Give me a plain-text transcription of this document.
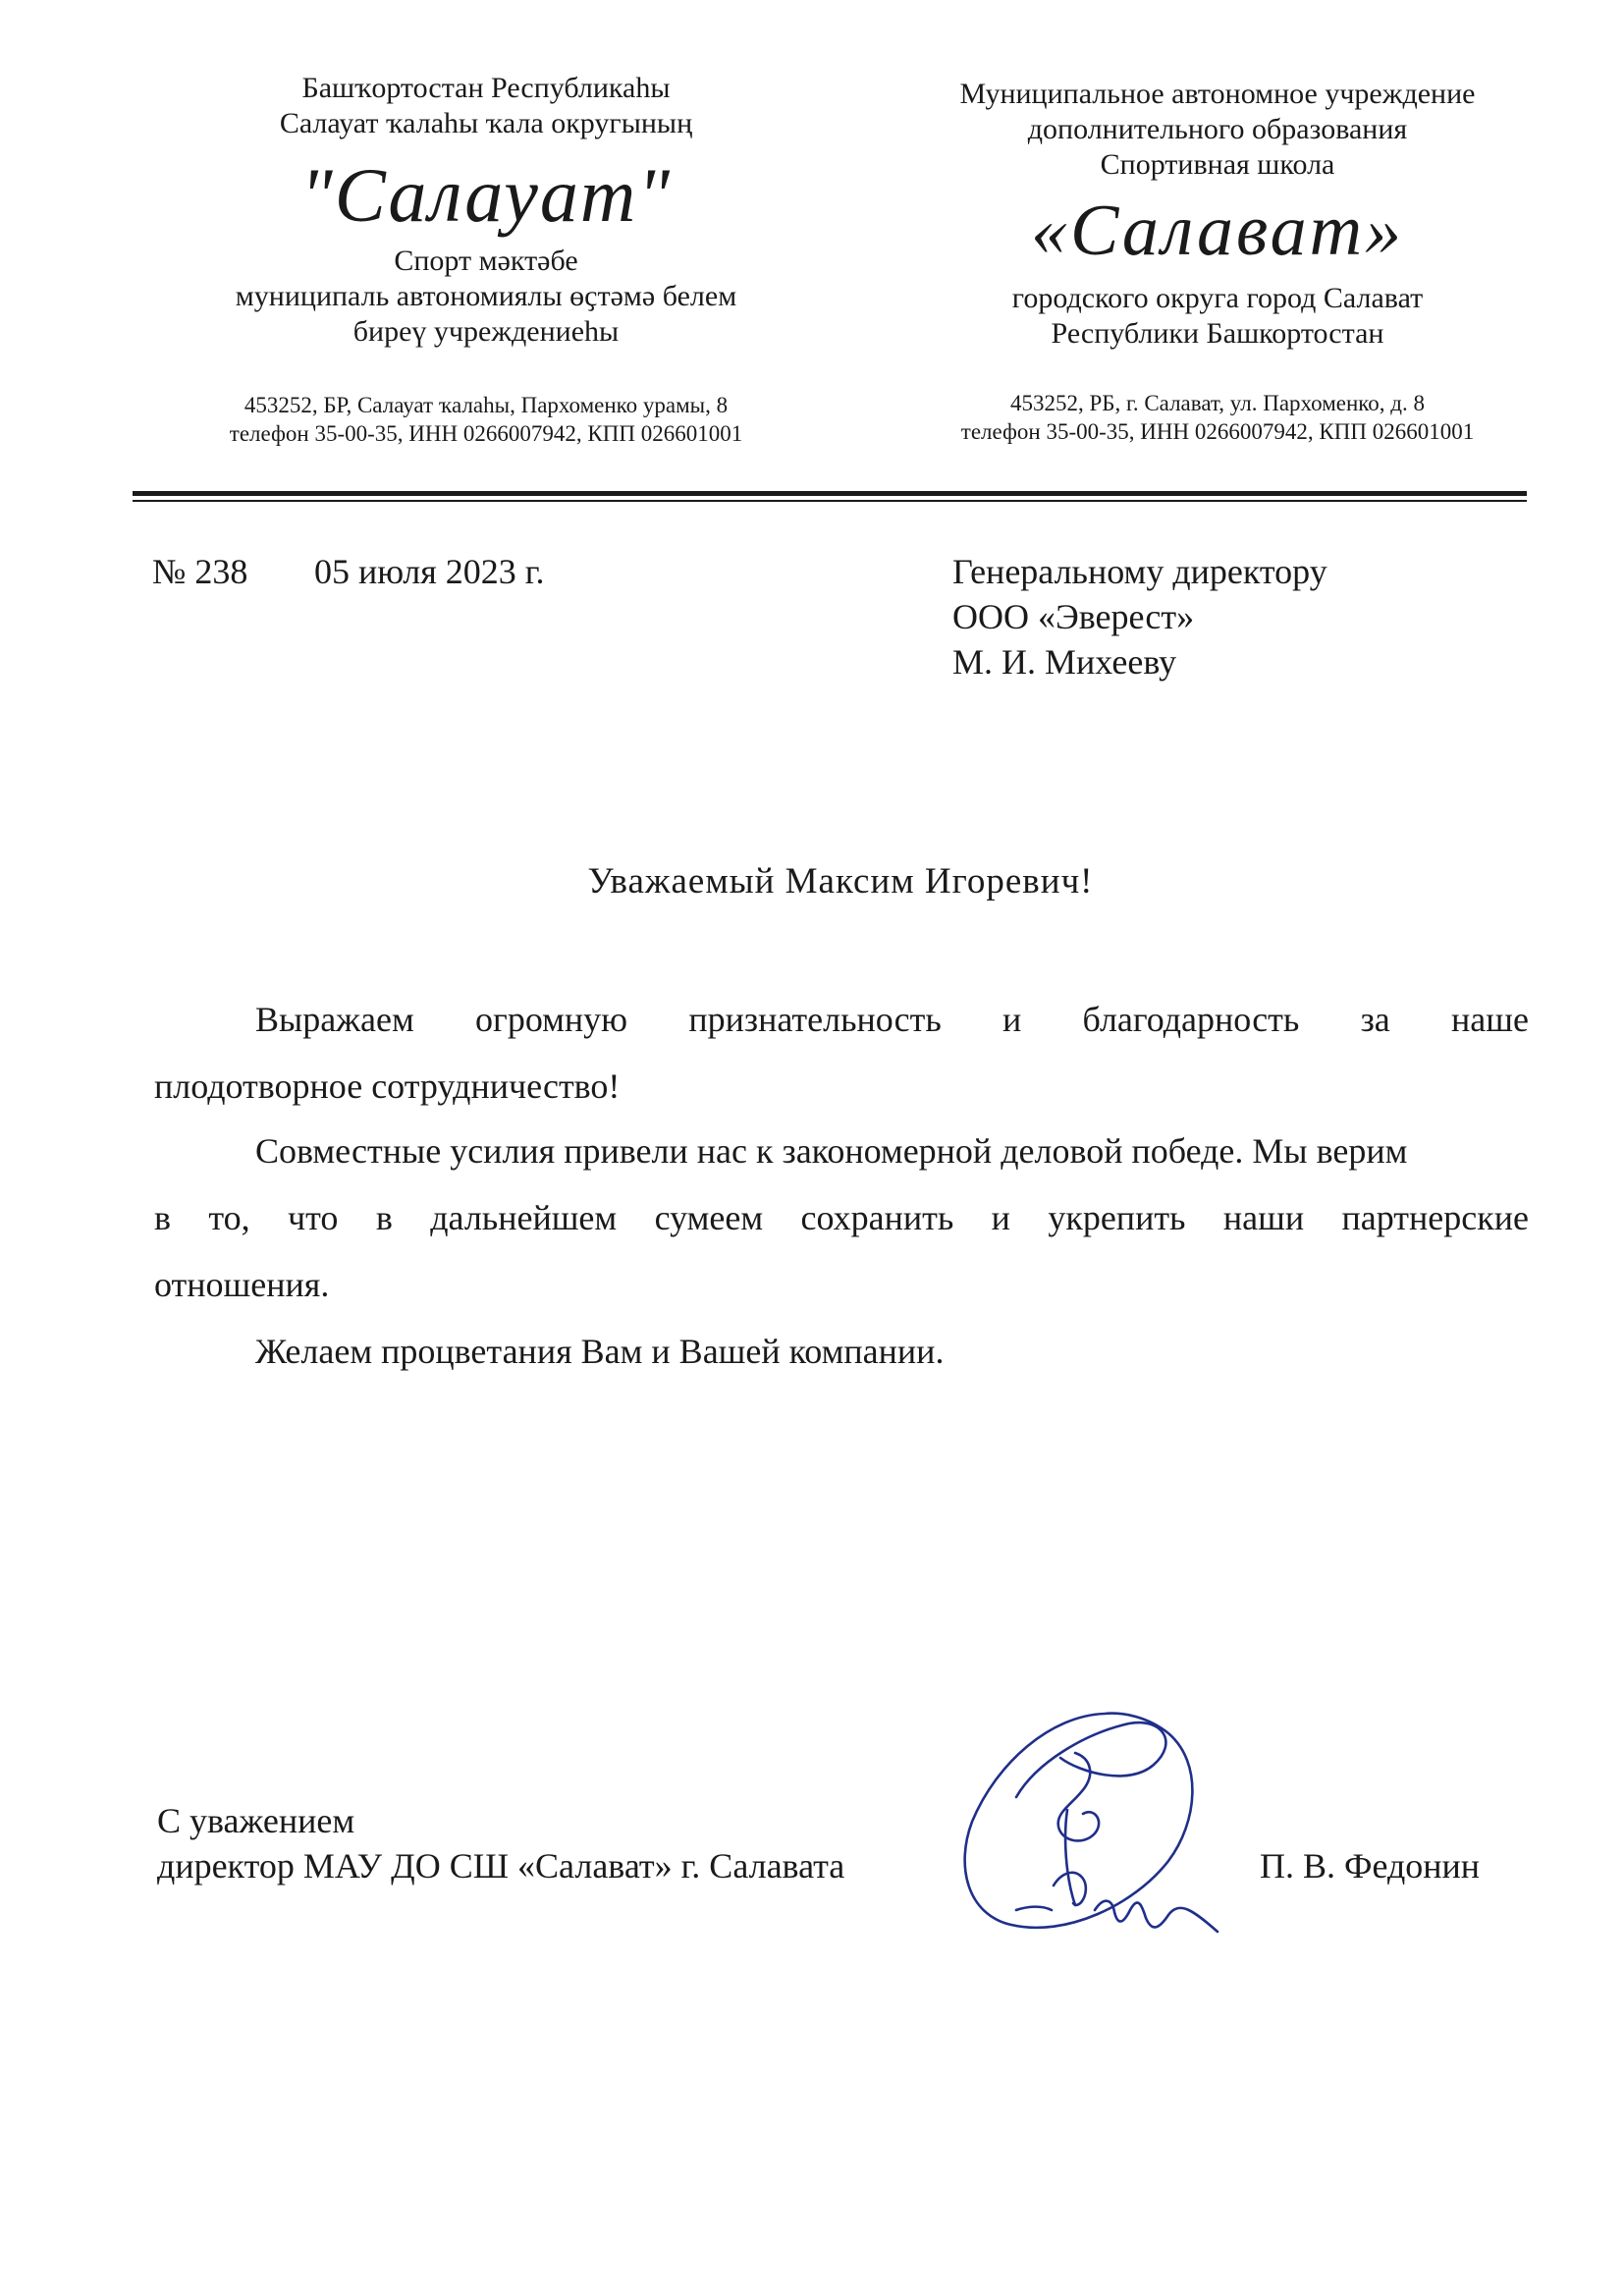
Башҡортостан Республикаһы
Салауат ҡалаһы ҡала округының
"Салауат"
Спорт мәктәбе
муниципаль автономиялы өҫтәмә белем
биреү учреждениеһы
453252, БР, Салауат ҡалаһы, Пархоменко урамы, 8
телефон 35-00-35, ИНН 0266007942, КПП 026601001
Муниципальное автономное учреждение
дополнительного образования
Спортивная школа
«Салават»
городского округа город Салават
Республики Башкортостан
453252, РБ, г. Салават, ул. Пархоменко, д. 8
телефон 35-00-35, ИНН 0266007942, КПП 026601001
№ 238 05 июля 2023 г.	Генеральному директору
ООО «Эверест»
М. И. Михееву
Уважаемый Максим Игоревич!
Выражаем огромную признательность и благодарность за наше
плодотворное сотрудничество!
Совместные усилия привели нас к закономерной деловой победе. Мы верим
в то, что в дальнейшем сумеем сохранить и укрепить наши партнерские
отношения.
Желаем процветания Вам и Вашей компании.
С уважением
директор МАУ ДО СШ «Салават» г. Салавата	П. В. Федонин
